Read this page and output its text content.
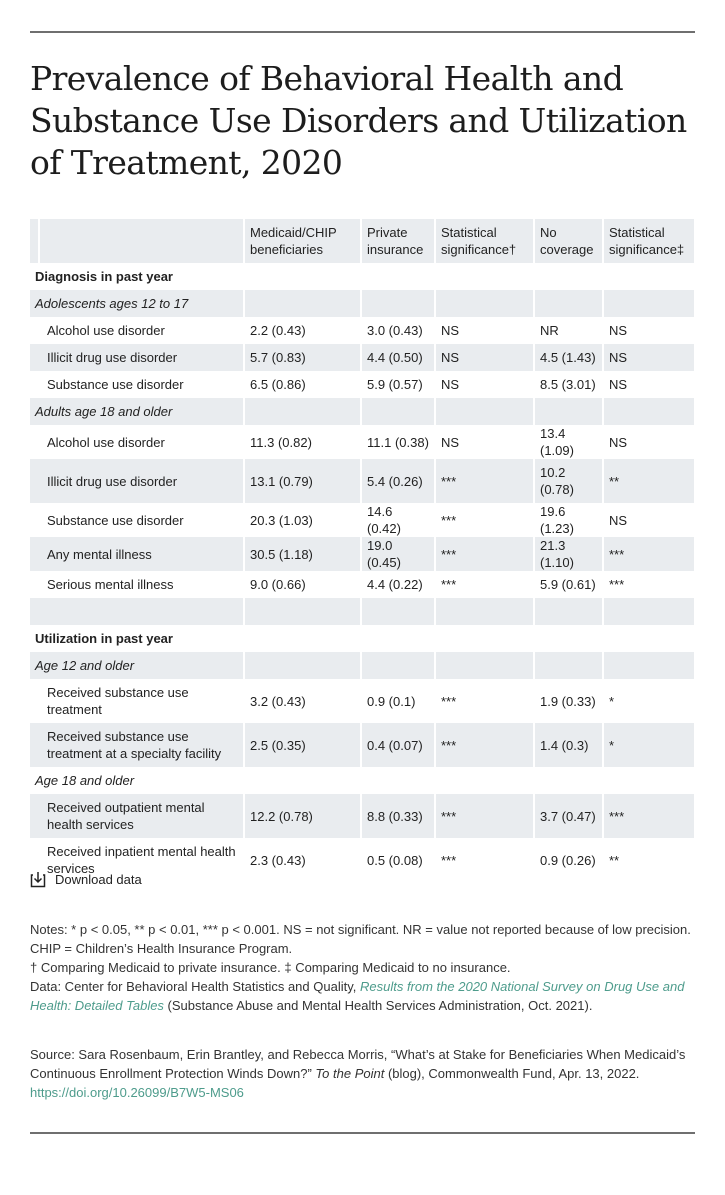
Prevalence of Behavioral Health and Substance Use Disorders and Utilization of Treatment, 2020
		Medicaid/CHIP beneficiaries	Private insurance	Statistical significance†	No coverage	Statistical significance‡
Diagnosis in past year						
Adolescents ages 12 to 17						
Alcohol use disorder		2.2 (0.43)	3.0 (0.43)	NS	NR	NS
Illicit drug use disorder		5.7 (0.83)	4.4 (0.50)	NS	4.5 (1.43)	NS
Substance use disorder		6.5 (0.86)	5.9 (0.57)	NS	8.5 (3.01)	NS
Adults age 18 and older						
Alcohol use disorder		11.3 (0.82)	11.1 (0.38)	NS	13.4 (1.09)	NS
Illicit drug use disorder		13.1 (0.79)	5.4 (0.26)	***	10.2 (0.78)	**
Substance use disorder		20.3 (1.03)	14.6 (0.42)	***	19.6 (1.23)	NS
Any mental illness		30.5 (1.18)	19.0 (0.45)	***	21.3 (1.10)	***
Serious mental illness		9.0 (0.66)	4.4 (0.22)	***	5.9 (0.61)	***

Utilization in past year						
Age 12 and older						
Received substance use treatment		3.2 (0.43)	0.9 (0.1)	***	1.9 (0.33)	*
Received substance use treatment at a specialty facility		2.5 (0.35)	0.4 (0.07)	***	1.4 (0.3)	*
Age 18 and older						
Received outpatient mental health services		12.2 (0.78)	8.8 (0.33)	***	3.7 (0.47)	***
Received inpatient mental health services		2.3 (0.43)	0.5 (0.08)	***	0.9 (0.26)	**
Download data

Notes: * p < 0.05, ** p < 0.01, *** p < 0.001. NS = not significant. NR = value not reported because of low precision. CHIP = Children’s Health Insurance Program.

† Comparing Medicaid to private insurance. ‡ Comparing Medicaid to no insurance.

Data: Center for Behavioral Health Statistics and Quality, Results from the 2020 National Survey on Drug Use and Health: Detailed Tables (Substance Abuse and Mental Health Services Administration, Oct. 2021).

Source: Sara Rosenbaum, Erin Brantley, and Rebecca Morris, “What’s at Stake for Beneficiaries When Medicaid’s Continuous Enrollment Protection Winds Down?” To the Point (blog), Commonwealth Fund, Apr. 13, 2022. https://doi.org/10.26099/B7W5-MS06
